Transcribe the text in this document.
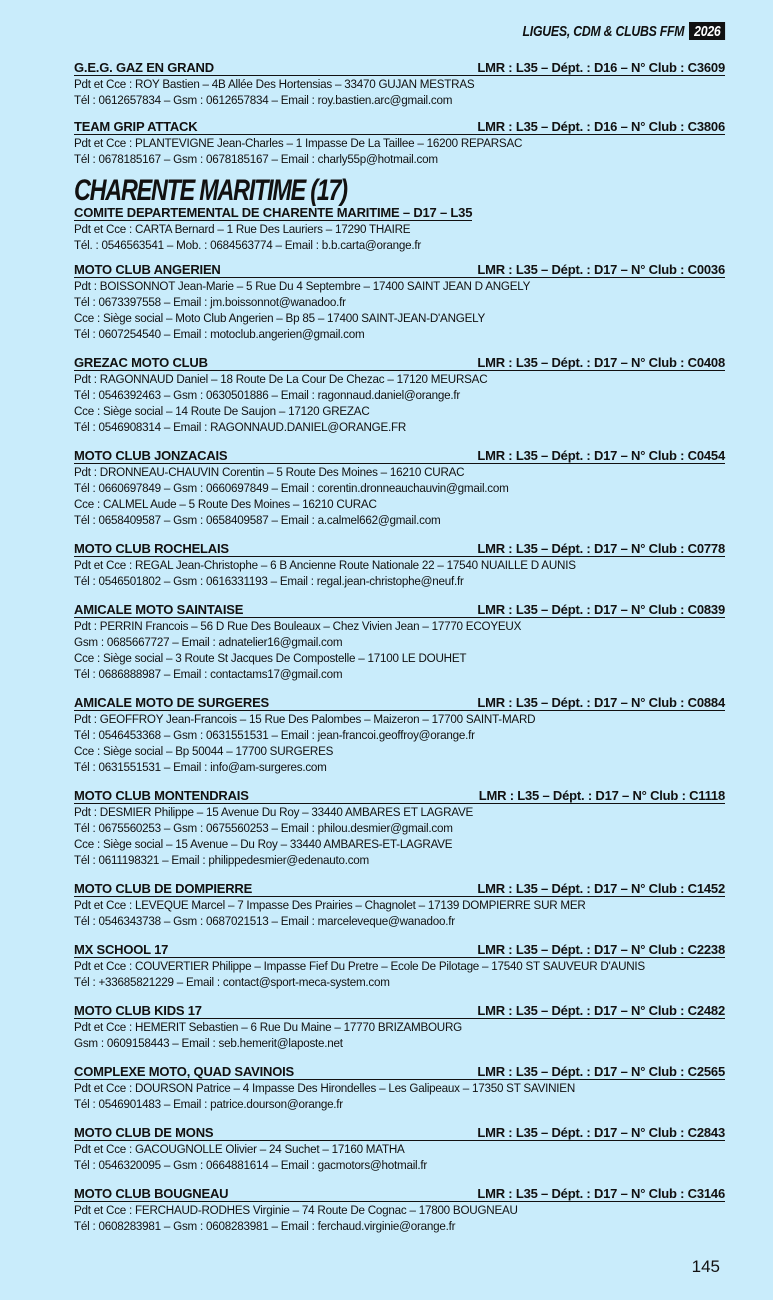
LIGUES, CDM & CLUBS FFM 2026
G.E.G. GAZ EN GRAND	LMR : L35 – Dépt. : D16 – N° Club : C3609
Pdt et Cce : ROY Bastien – 4B Allée Des Hortensias – 33470 GUJAN MESTRAS
Tél : 0612657834 – Gsm : 0612657834 – Email : roy.bastien.arc@gmail.com
TEAM GRIP ATTACK	LMR : L35 – Dépt. : D16 – N° Club : C3806
Pdt et Cce : PLANTEVIGNE Jean-Charles – 1 Impasse De La Taillee – 16200 REPARSAC
Tél : 0678185167 – Gsm : 0678185167 – Email : charly55p@hotmail.com
CHARENTE MARITIME (17)
COMITE DEPARTEMENTAL DE CHARENTE MARITIME – D17 – L35
Pdt et Cce : CARTA Bernard – 1 Rue Des Lauriers – 17290 THAIRE
Tél. : 0546563541 – Mob. : 0684563774 – Email : b.b.carta@orange.fr
MOTO CLUB ANGERIEN	LMR : L35 – Dépt. : D17 – N° Club : C0036
Pdt : BOISSONNOT Jean-Marie – 5 Rue Du 4 Septembre – 17400 SAINT JEAN D ANGELY
Tél : 0673397558 – Email : jm.boissonnot@wanadoo.fr
Cce : Siège social – Moto Club Angerien – Bp 85 – 17400 SAINT-JEAN-D'ANGELY
Tél : 0607254540 – Email : motoclub.angerien@gmail.com
GREZAC MOTO CLUB	LMR : L35 – Dépt. : D17 – N° Club : C0408
Pdt : RAGONNAUD Daniel – 18 Route De La Cour De Chezac – 17120 MEURSAC
Tél : 0546392463 – Gsm : 0630501886 – Email : ragonnaud.daniel@orange.fr
Cce : Siège social – 14 Route De Saujon – 17120 GREZAC
Tél : 0546908314 – Email : RAGONNAUD.DANIEL@ORANGE.FR
MOTO CLUB JONZACAIS	LMR : L35 – Dépt. : D17 – N° Club : C0454
Pdt : DRONNEAU-CHAUVIN Corentin – 5 Route Des Moines – 16210 CURAC
Tél : 0660697849 – Gsm : 0660697849 – Email : corentin.dronneauchauvin@gmail.com
Cce : CALMEL Aude – 5 Route Des Moines – 16210 CURAC
Tél : 0658409587 – Gsm : 0658409587 – Email : a.calmel662@gmail.com
MOTO CLUB ROCHELAIS	LMR : L35 – Dépt. : D17 – N° Club : C0778
Pdt et Cce : REGAL Jean-Christophe – 6 B Ancienne Route Nationale 22 – 17540 NUAILLE D AUNIS
Tél : 0546501802 – Gsm : 0616331193 – Email : regal.jean-christophe@neuf.fr
AMICALE MOTO SAINTAISE	LMR : L35 – Dépt. : D17 – N° Club : C0839
Pdt : PERRIN Francois – 56 D Rue Des Bouleaux – Chez Vivien Jean – 17770 ECOYEUX
Gsm : 0685667727 – Email : adnatelier16@gmail.com
Cce : Siège social – 3 Route St Jacques De Compostelle – 17100 LE DOUHET
Tél : 0686888987 – Email : contactams17@gmail.com
AMICALE MOTO DE SURGERES	LMR : L35 – Dépt. : D17 – N° Club : C0884
Pdt : GEOFFROY Jean-Francois – 15 Rue Des Palombes – Maizeron – 17700 SAINT-MARD
Tél : 0546453368 – Gsm : 0631551531 – Email : jean-francoi.geoffroy@orange.fr
Cce : Siège social – Bp 50044 – 17700 SURGERES
Tél : 0631551531 – Email : info@am-surgeres.com
MOTO CLUB MONTENDRAIS	LMR : L35 – Dépt. : D17 – N° Club : C1118
Pdt : DESMIER Philippe – 15 Avenue Du Roy – 33440 AMBARES ET LAGRAVE
Tél : 0675560253 – Gsm : 0675560253 – Email : philou.desmier@gmail.com
Cce : Siège social – 15 Avenue – Du Roy – 33440 AMBARES-ET-LAGRAVE
Tél : 0611198321 – Email : philippedesmier@edenauto.com
MOTO CLUB DE DOMPIERRE	LMR : L35 – Dépt. : D17 – N° Club : C1452
Pdt et Cce : LEVEQUE Marcel – 7 Impasse Des Prairies – Chagnolet – 17139 DOMPIERRE SUR MER
Tél : 0546343738 – Gsm : 0687021513 – Email : marceleveque@wanadoo.fr
MX SCHOOL 17	LMR : L35 – Dépt. : D17 – N° Club : C2238
Pdt et Cce : COUVERTIER Philippe – Impasse Fief Du Pretre – Ecole De Pilotage – 17540 ST SAUVEUR D'AUNIS
Tél : +33685821229 – Email : contact@sport-meca-system.com
MOTO CLUB KIDS 17	LMR : L35 – Dépt. : D17 – N° Club : C2482
Pdt et Cce : HEMERIT Sebastien – 6 Rue Du Maine – 17770 BRIZAMBOURG
Gsm : 0609158443 – Email : seb.hemerit@laposte.net
COMPLEXE MOTO, QUAD SAVINOIS	LMR : L35 – Dépt. : D17 – N° Club : C2565
Pdt et Cce : DOURSON Patrice – 4 Impasse Des Hirondelles – Les Galipeaux – 17350 ST SAVINIEN
Tél : 0546901483 – Email : patrice.dourson@orange.fr
MOTO CLUB DE MONS	LMR : L35 – Dépt. : D17 – N° Club : C2843
Pdt et Cce : GACOUGNOLLE Olivier – 24 Suchet – 17160 MATHA
Tél : 0546320095 – Gsm : 0664881614 – Email : gacmotors@hotmail.fr
MOTO CLUB BOUGNEAU	LMR : L35 – Dépt. : D17 – N° Club : C3146
Pdt et Cce : FERCHAUD-RODHES Virginie – 74 Route De Cognac – 17800 BOUGNEAU
Tél : 0608283981 – Gsm : 0608283981 – Email : ferchaud.virginie@orange.fr
145
